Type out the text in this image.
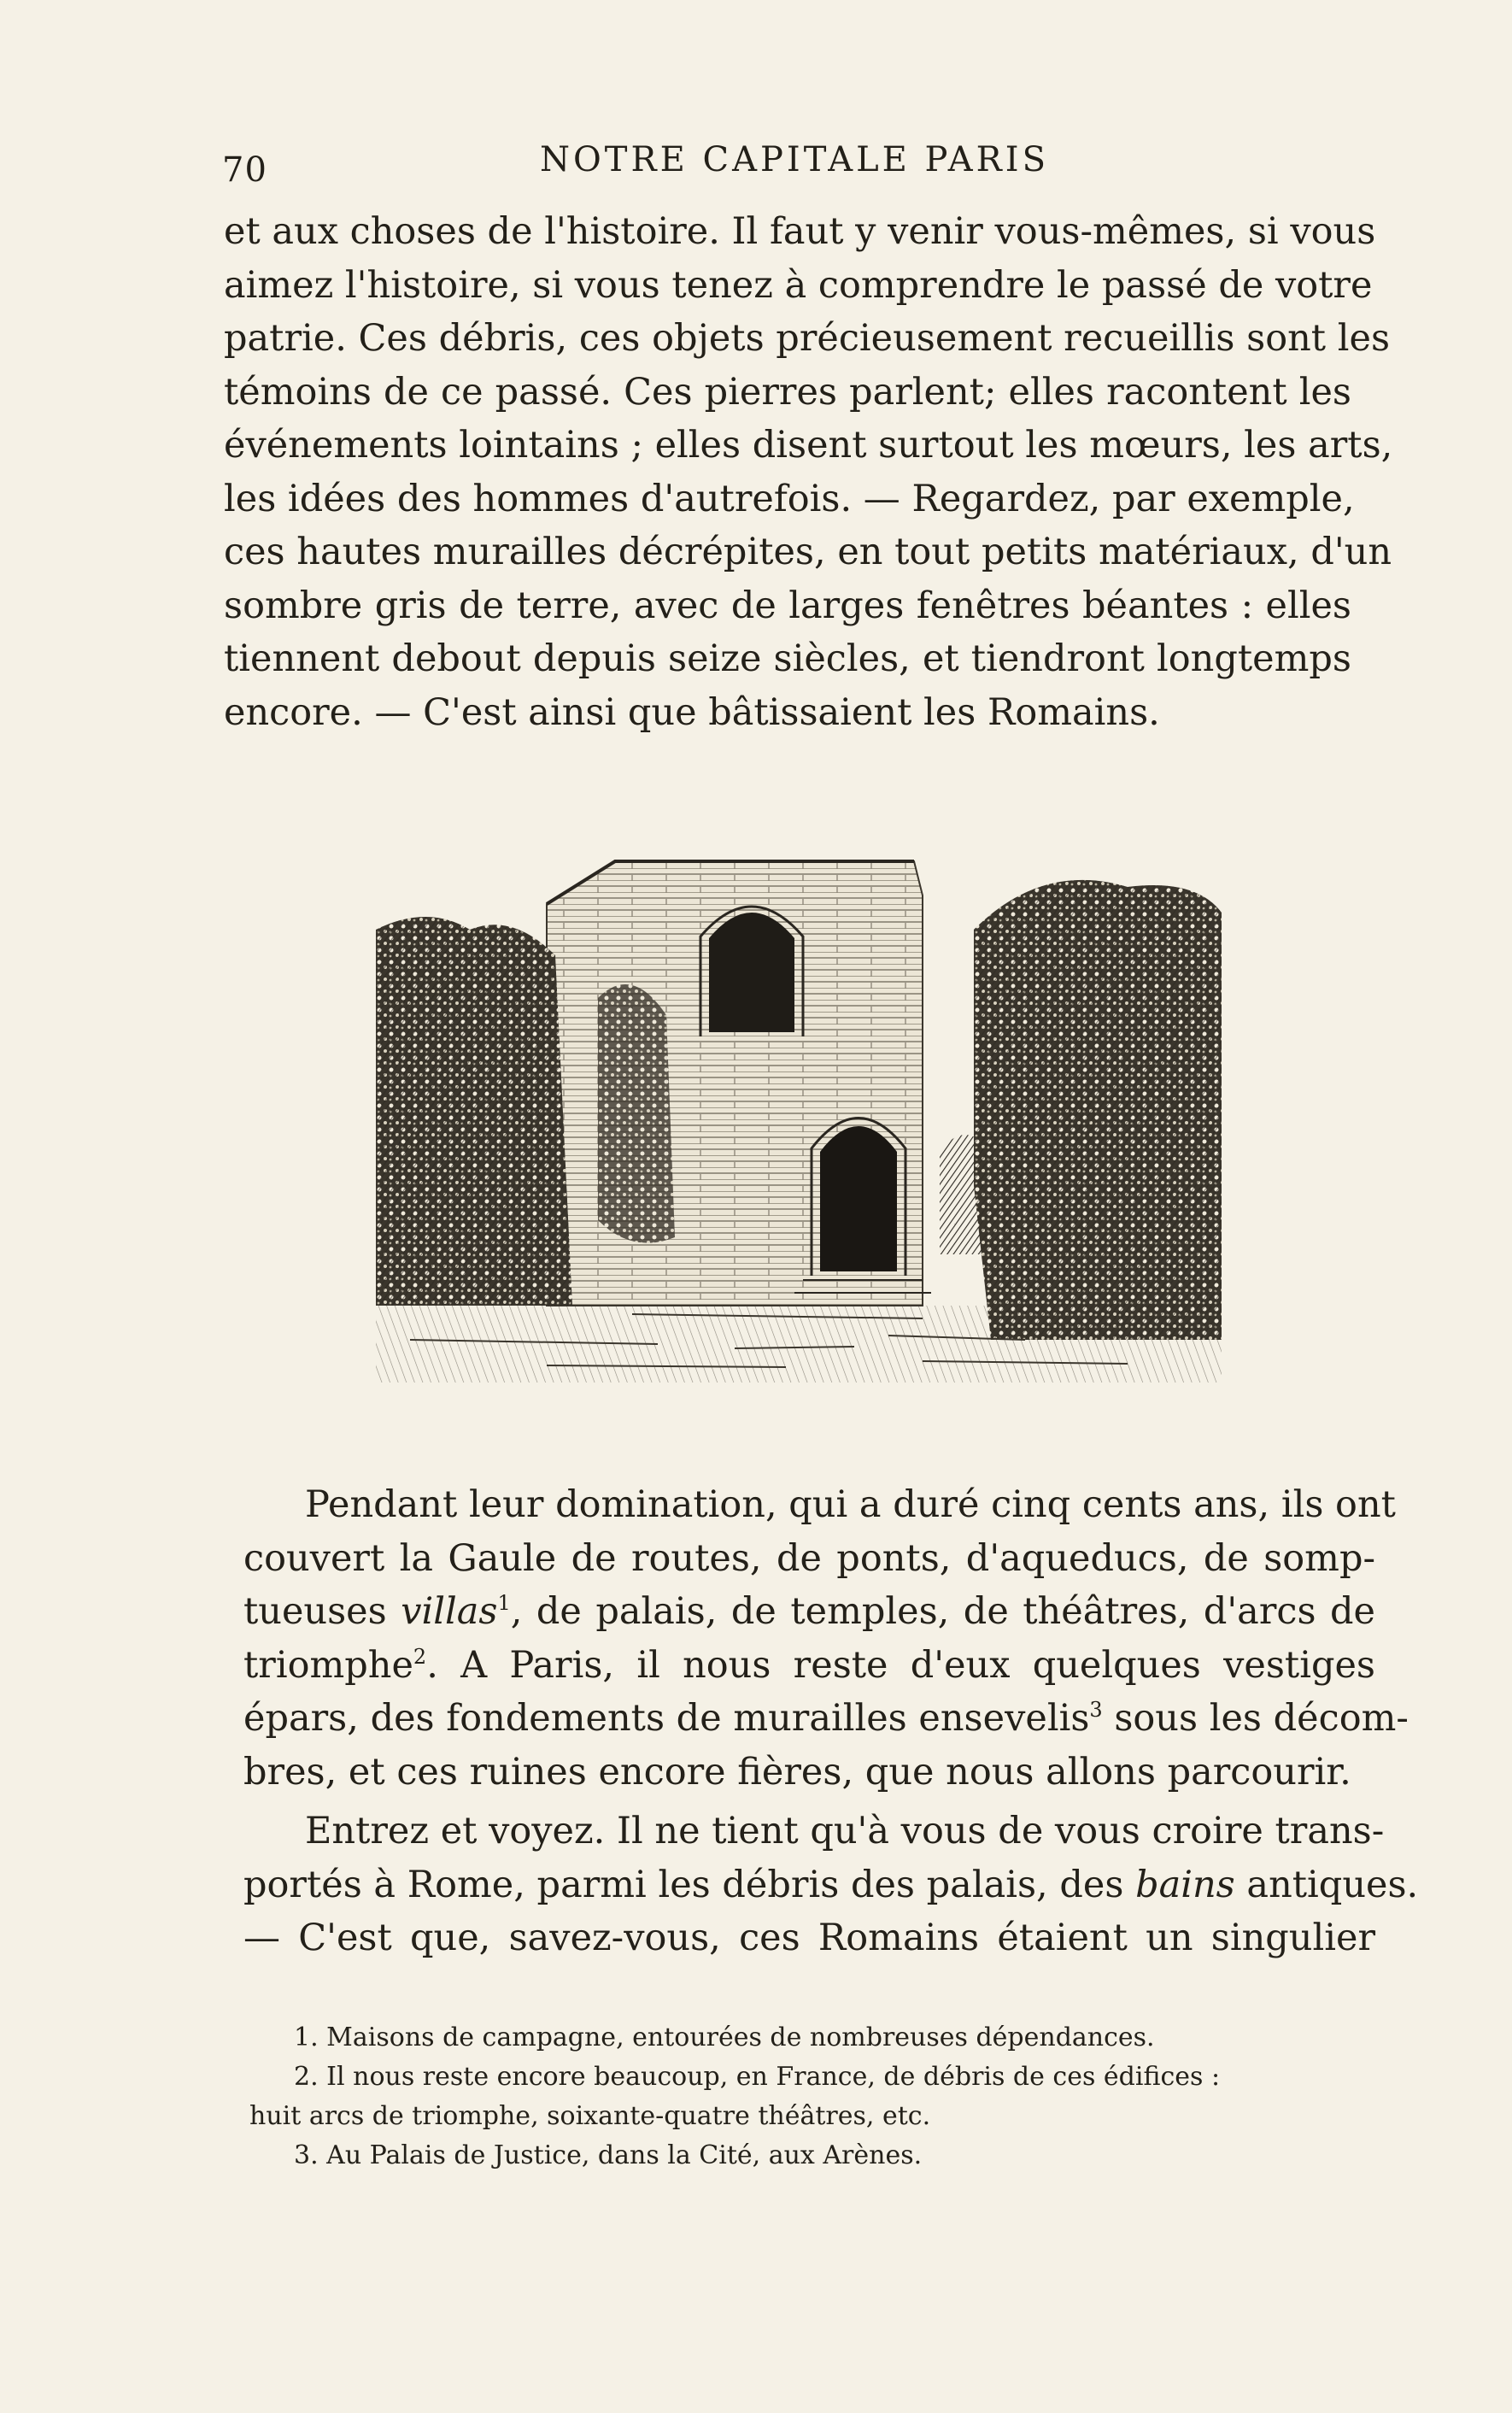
70	NOTRE CAPITALE PARIS

et aux choses de l'histoire. Il faut y venir vous-mêmes, si vous
aimez l'histoire, si vous tenez à comprendre le passé de votre
patrie. Ces débris, ces objets précieusement recueillis sont les
témoins de ce passé. Ces pierres parlent; elles racontent les
événements lointains ; elles disent surtout les mœurs, les arts,
les idées des hommes d'autrefois. — Regardez, par exemple,
ces hautes murailles décrépites, en tout petits matériaux, d'un
sombre gris de terre, avec de larges fenêtres béantes : elles
tiennent debout depuis seize siècles, et tiendront longtemps
encore. — C'est ainsi que bâtissaient les Romains.

Pendant leur domination, qui a duré cinq cents ans, ils ont
couvert la Gaule de routes, de ponts, d'aqueducs, de somp-
tueuses villas$^1$, de palais, de temples, de théâtres, d'arcs de
triomphe$^2$. A Paris, il nous reste d'eux quelques vestiges
épars, des fondements de murailles ensevelis$^3$ sous les décom-
bres, et ces ruines encore fières, que nous allons parcourir.

Entrez et voyez. Il ne tient qu'à vous de vous croire trans-
portés à Rome, parmi les débris des palais, des bains antiques.
— C'est que, savez-vous, ces Romains étaient un singulier

1. Maisons de campagne, entourées de nombreuses dépendances.
2. Il nous reste encore beaucoup, en France, de débris de ces édifices :
huit arcs de triomphe, soixante-quatre théâtres, etc.
3. Au Palais de Justice, dans la Cité, aux Arènes.
